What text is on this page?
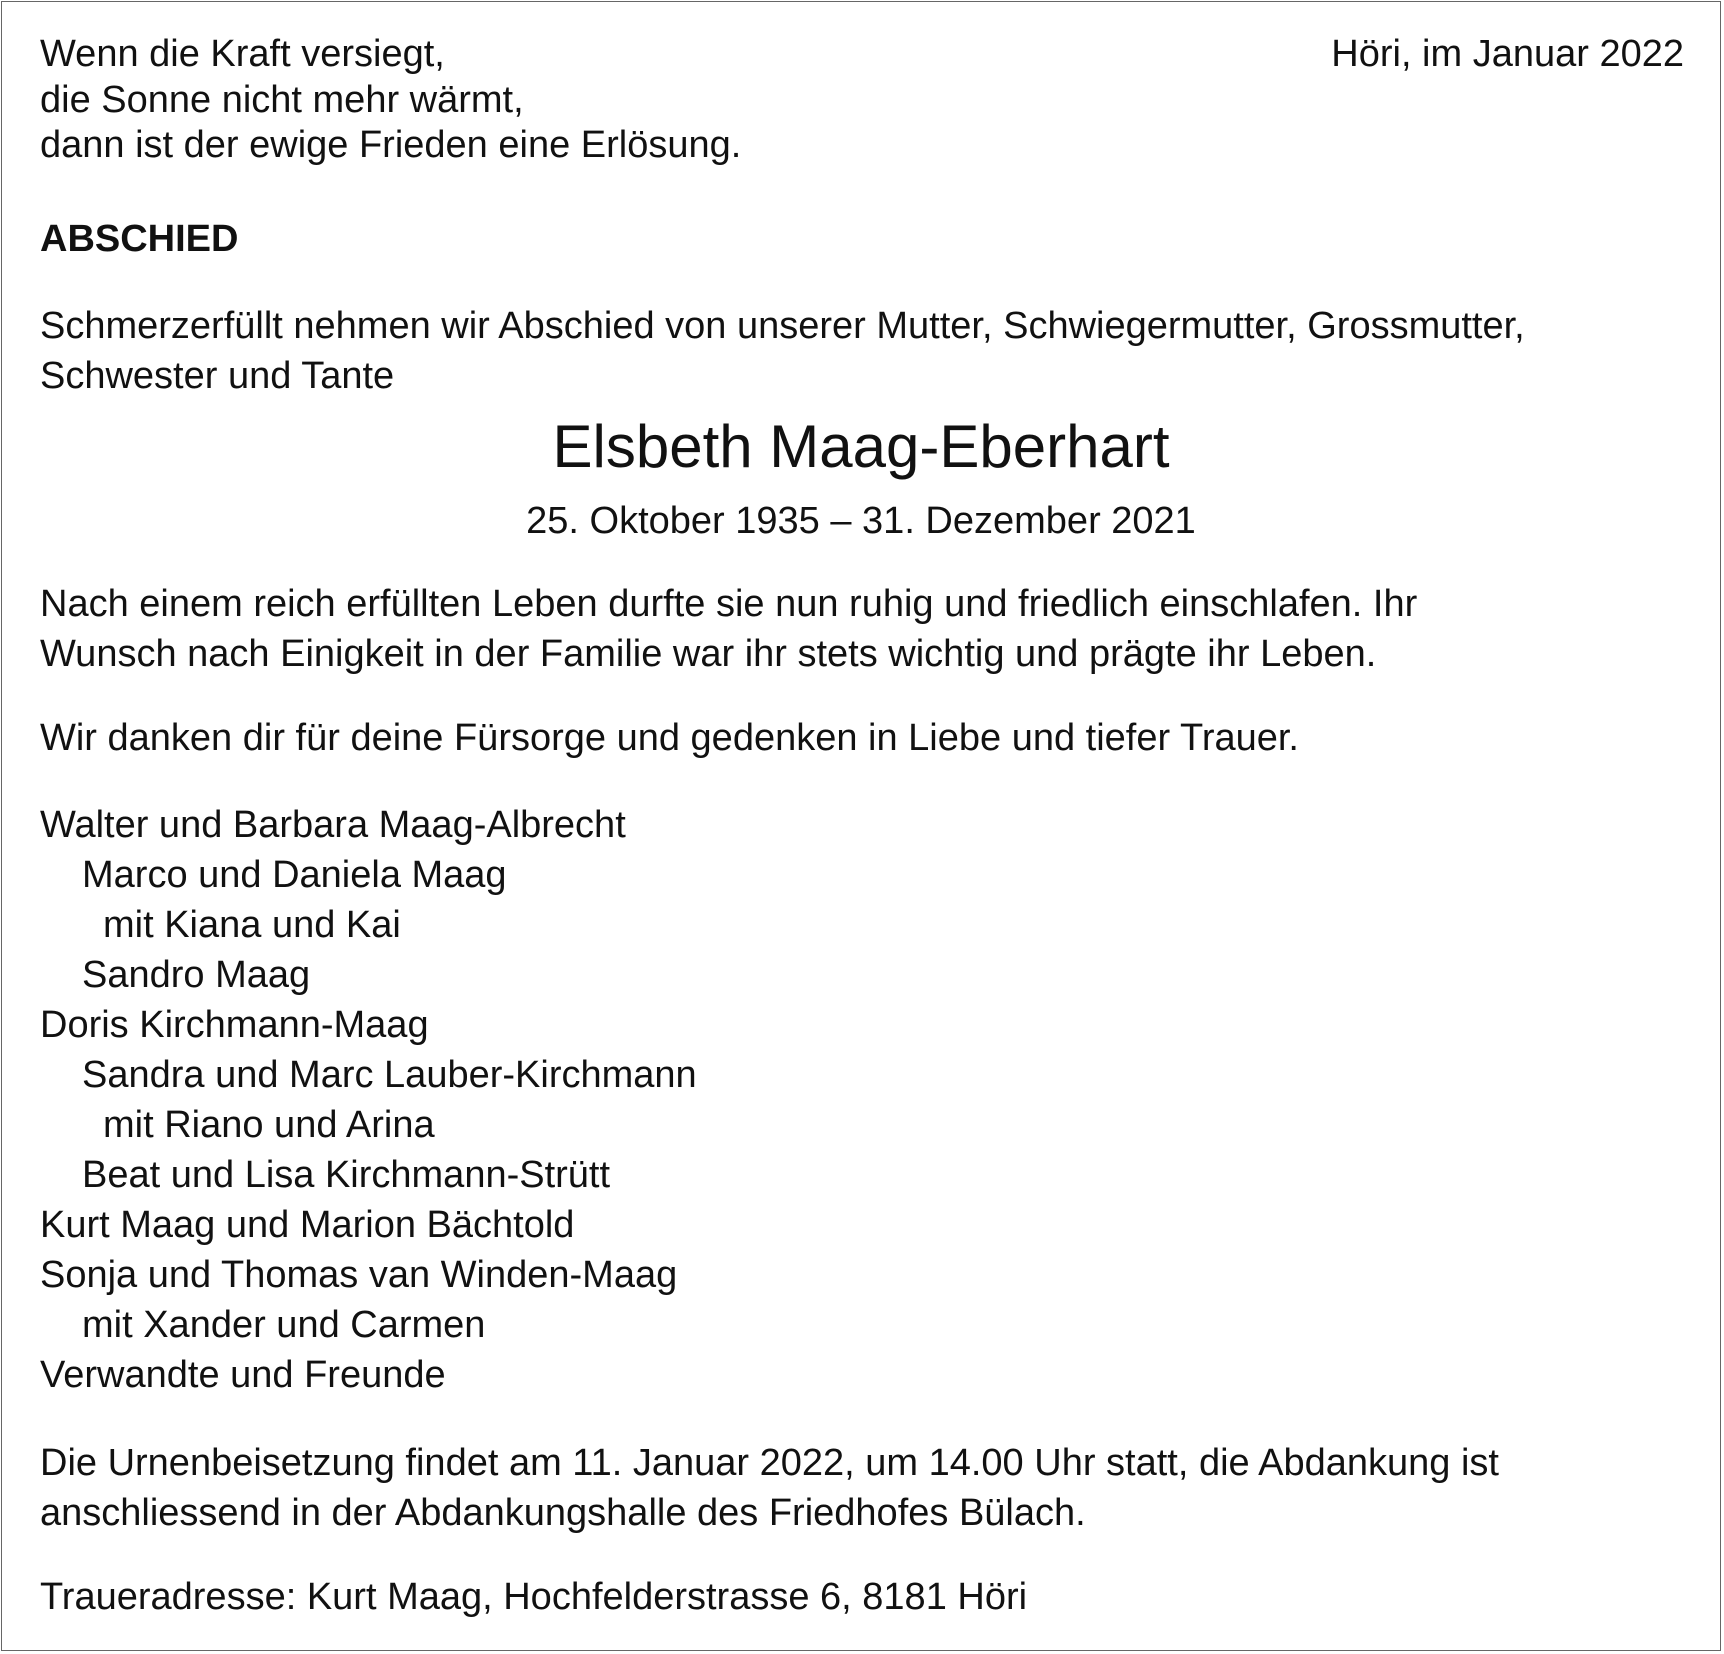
Wenn die Kraft versiegt,

die Sonne nicht mehr wärmt,

dann ist der ewige Frieden eine Erlösung.

Höri, im Januar 2022

ABSCHIED

Schmerzerfüllt nehmen wir Abschied von unserer Mutter, Schwiegermutter, Grossmutter,

Schwester und Tante

Elsbeth Maag-Eberhart

25. Oktober 1935 – 31. Dezember 2021

Nach einem reich erfüllten Leben durfte sie nun ruhig und friedlich einschlafen. Ihr

Wunsch nach Einigkeit in der Familie war ihr stets wichtig und prägte ihr Leben.

Wir danken dir für deine Fürsorge und gedenken in Liebe und tiefer Trauer.

Walter und Barbara Maag-Albrecht

Marco und Daniela Maag

mit Kiana und Kai

Sandro Maag

Doris Kirchmann-Maag

Sandra und Marc Lauber-Kirchmann

mit Riano und Arina

Beat und Lisa Kirchmann-Strütt

Kurt Maag und Marion Bächtold

Sonja und Thomas van Winden-Maag

mit Xander und Carmen

Verwandte und Freunde

Die Urnenbeisetzung findet am 11. Januar 2022, um 14.00 Uhr statt, die Abdankung ist

anschliessend in der Abdankungshalle des Friedhofes Bülach.

Traueradresse: Kurt Maag, Hochfelderstrasse 6, 8181 Höri
